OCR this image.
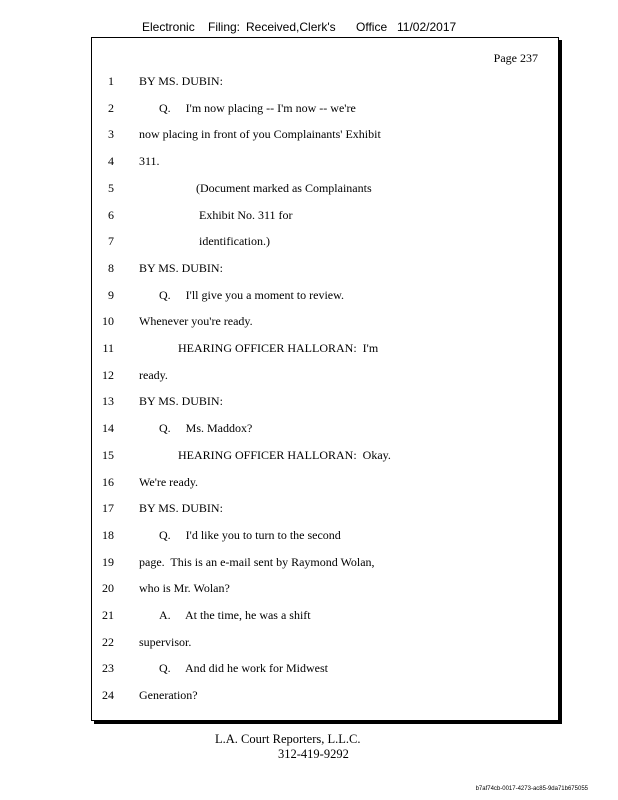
Electronic Filing: Received,Clerk's Office 11/02/2017
Page 237
1 BY MS. DUBIN:
2	Q.     I'm now placing -- I'm now -- we're
3 now placing in front of you Complainants' Exhibit
4 311.
5	(Document marked as Complainants
6	Exhibit No. 311 for
7	identification.)
8 BY MS. DUBIN:
9	Q.     I'll give you a moment to review.
10 Whenever you're ready.
11	HEARING OFFICER HALLORAN:  I'm
12 ready.
13 BY MS. DUBIN:
14	Q.     Ms. Maddox?
15	HEARING OFFICER HALLORAN:  Okay.
16 We're ready.
17 BY MS. DUBIN:
18	Q.     I'd like you to turn to the second
19 page.  This is an e-mail sent by Raymond Wolan,
20 who is Mr. Wolan?
21	A.     At the time, he was a shift
22 supervisor.
23	Q.     And did he work for Midwest
24 Generation?
L.A. Court Reporters, L.L.C.
312-419-9292
b7af74cb-0017-4273-ac85-9da71b675055
